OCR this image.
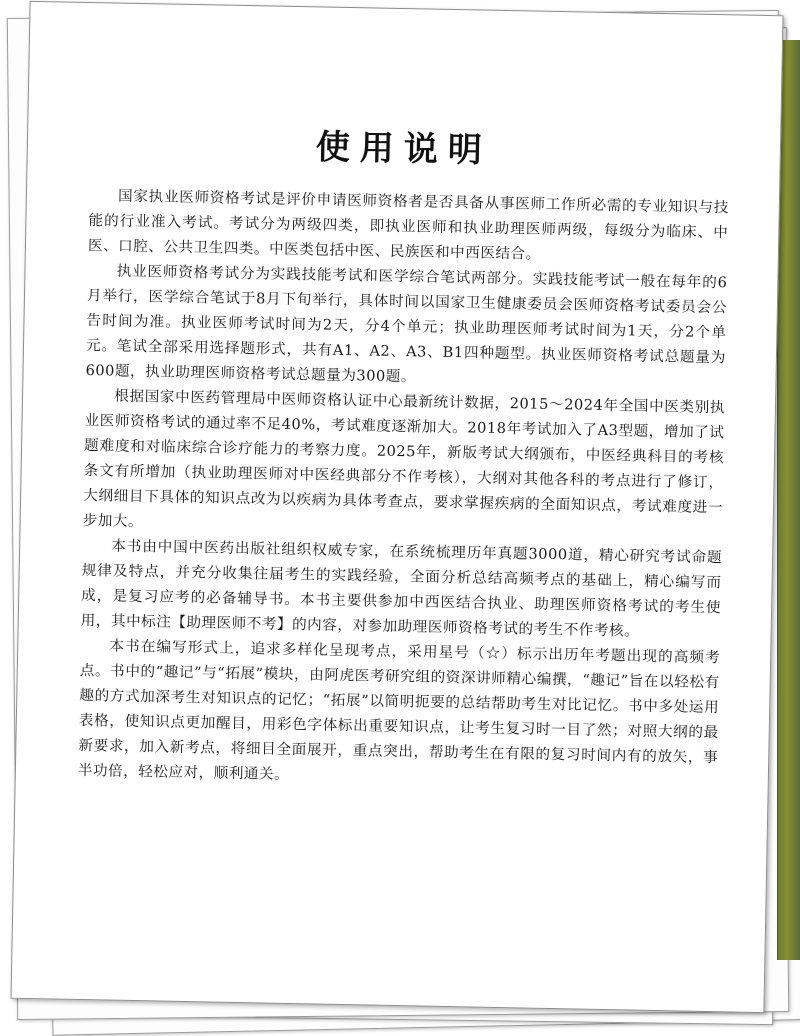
使用说明

国家执业医师资格考试是评价申请医师资格者是否具备从事医师工作所必需的专业知识与技能的行业准入考试。考试分为两级四类，即执业医师和执业助理医师两级，每级分为临床、中医、口腔、公共卫生四类。中医类包括中医、民族医和中西医结合。

执业医师资格考试分为实践技能考试和医学综合笔试两部分。实践技能考试一般在每年的6月举行，医学综合笔试于8月下旬举行，具体时间以国家卫生健康委员会医师资格考试委员会公告时间为准。执业医师考试时间为2天，分4个单元；执业助理医师考试时间为1天，分2个单元。笔试全部采用选择题形式，共有A1、A2、A3、B1四种题型。执业医师资格考试总题量为600题，执业助理医师资格考试总题量为300题。

根据国家中医药管理局中医师资格认证中心最新统计数据，2015～2024年全国中医类别执业医师资格考试的通过率不足40%，考试难度逐渐加大。2018年考试加入了A3型题，增加了试题难度和对临床综合诊疗能力的考察力度。2025年，新版考试大纲颁布，中医经典科目的考核条文有所增加（执业助理医师对中医经典部分不作考核），大纲对其他各科的考点进行了修订，大纲细目下具体的知识点改为以疾病为具体考查点，要求掌握疾病的全面知识点，考试难度进一步加大。

本书由中国中医药出版社组织权威专家，在系统梳理历年真题3000道，精心研究考试命题规律及特点，并充分收集往届考生的实践经验，全面分析总结高频考点的基础上，精心编写而成，是复习应考的必备辅导书。本书主要供参加中西医结合执业、助理医师资格考试的考生使用，其中标注【助理医师不考】的内容，对参加助理医师资格考试的考生不作考核。

本书在编写形式上，追求多样化呈现考点，采用星号（☆）标示出历年考题出现的高频考点。书中的“趣记”与“拓展”模块，由阿虎医考研究组的资深讲师精心编撰，“趣记”旨在以轻松有趣的方式加深考生对知识点的记忆；“拓展”以简明扼要的总结帮助考生对比记忆。书中多处运用表格，使知识点更加醒目，用彩色字体标出重要知识点，让考生复习时一目了然；对照大纲的最新要求，加入新考点，将细目全面展开，重点突出，帮助考生在有限的复习时间内有的放矢，事半功倍，轻松应对，顺利通关。
